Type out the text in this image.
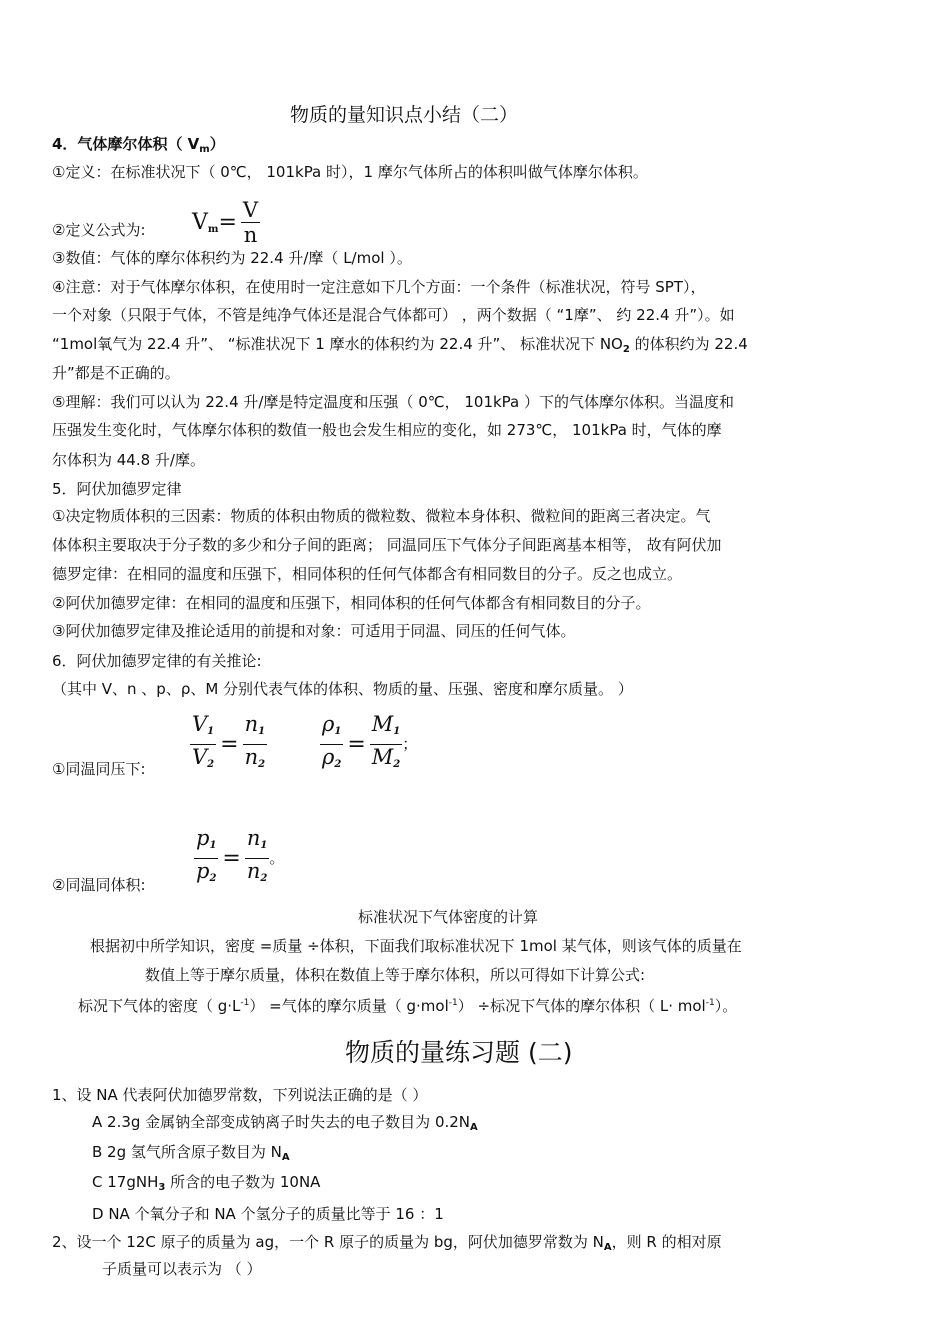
物质的量知识点小结（二）
4．气体摩尔体积（ $V_m$）
①定义：在标准状况下（ 0℃， 101kPa 时），1 摩尔气体所占的体积叫做气体摩尔体积。
②定义公式为: $V_m= \frac{V}{n}$
③数值：气体的摩尔体积约为 22.4 升/摩（ L/mol ）。
④注意：对于气体摩尔体积，在使用时一定注意如下几个方面：一个条件（标准状况，符号 SPT），
一个对象（只限于气体，不管是纯净气体还是混合气体都可） ，两个数据（ “1摩”、 约 22.4 升”）。如
“1mol氧气为 22.4 升”、 “标准状况下 1 摩水的体积约为 22.4 升”、 标准状况下 $NO_2$ 的体积约为 22.4
升”都是不正确的。
⑤理解：我们可以认为 22.4 升/摩是特定温度和压强（ 0℃， 101kPa ）下的气体摩尔体积。当温度和
压强发生变化时，气体摩尔体积的数值一般也会发生相应的变化，如 273℃， 101kPa 时，气体的摩
尔体积为 44.8 升/摩。
5．阿伏加德罗定律
①决定物质体积的三因素：物质的体积由物质的微粒数、微粒本身体积、微粒间的距离三者决定。气
体体积主要取决于分子数的多少和分子间的距离； 同温同压下气体分子间距离基本相等， 故有阿伏加
德罗定律：在相同的温度和压强下，相同体积的任何气体都含有相同数目的分子。反之也成立。
②阿伏加德罗定律：在相同的温度和压强下，相同体积的任何气体都含有相同数目的分子。
③阿伏加德罗定律及推论适用的前提和对象：可适用于同温、同压的任何气体。
6．阿伏加德罗定律的有关推论:
（其中 V、n 、p、ρ、M 分别代表气体的体积、物质的量、压强、密度和摩尔质量。 ）
①同温同压下: $\frac{V_1}{V_2} = \frac{n_1}{n_2}$	$\frac{\rho_1}{\rho_2} = \frac{M_1}{M_2}$ ；
②同温同体积: $\frac{p_1}{p_2} = \frac{n_1}{n_2}$ 。
标准状况下气体密度的计算
根据初中所学知识，密度 =质量 ÷体积，下面我们取标准状况下 1mol 某气体，则该气体的质量在
数值上等于摩尔质量，体积在数值上等于摩尔体积，所以可得如下计算公式:
标况下气体的密度（ $g\cdot L^{-1}$） =气体的摩尔质量（ g·mol$^{-1}$） ÷标况下气体的摩尔体积（ L· mol$^{-1}$）。
物质的量练习题 (二)
1、设 NA 代表阿伏加德罗常数，下列说法正确的是（ ）
A 2.3g 金属钠全部变成钠离子时失去的电子数目为 $0.2N_A$
B 2g 氢气所含原子数目为 $N_A$
C 17gNH$_3$ 所含的电子数为 10NA
D NA 个氧分子和 NA 个氢分子的质量比等于 16 ：1
2、设一个 12C 原子的质量为 ag，一个 R 原子的质量为 bg，阿伏加德罗常数为 $N_A$，则 R 的相对原
子质量可以表示为 （ ）
